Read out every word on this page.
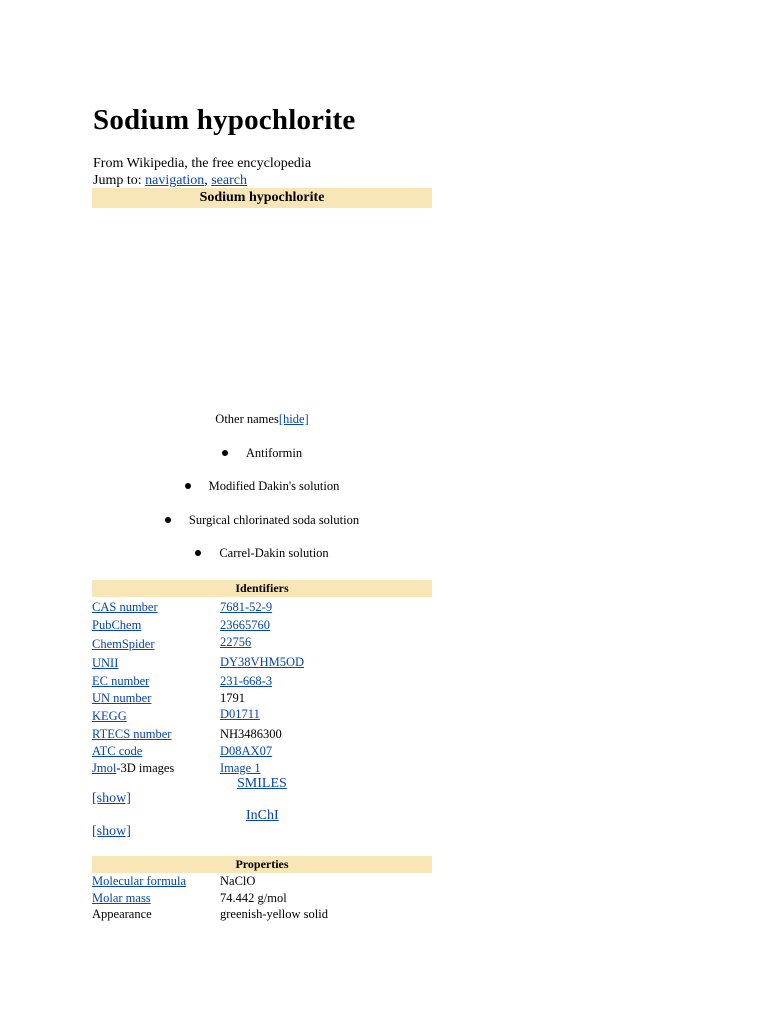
Sodium hypochlorite
From Wikipedia, the free encyclopedia
Jump to: navigation, search
Sodium hypochlorite
Other names[hide]
Antiformin
Modified Dakin's solution
Surgical chlorinated soda solution
Carrel-Dakin solution
Identifiers
CAS number	7681-52-9
PubChem	23665760
ChemSpider	22756
UNII	DY38VHM5OD
EC number	231-668-3
UN number	1791
KEGG	D01711
RTECS number	NH3486300
ATC code	D08AX07
Jmol-3D images	Image 1
SMILES
[show]
InChI
[show]
Properties
Molecular formula	NaClO
Molar mass	74.442 g/mol
Appearance	greenish-yellow solid
